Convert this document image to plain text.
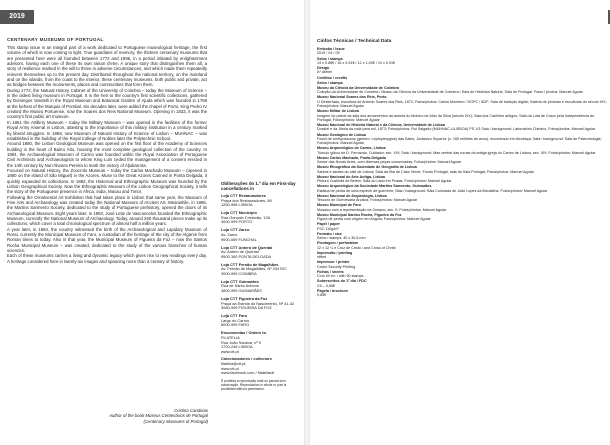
2019
CENTENARY MUSEUMS OF PORTUGAL

This stamp issue is an integral part of a work dedicated to Portuguese museological heritage, the first volume of which is now coming to light. True guardians of memory, the thirteen centenary museums that are presented here were all founded between 1772 and 1896, in a period initiated by enlightenment advisors, having each one of these its own raison d'etre. A unique story that distinguishes them all, a story of resilience marked in the will to thrive in adverse circumstances, and which made them repeatedly reinvent themselves up to the present day. Distributed throughout the national territory, on the mainland and on the islands, from the coast to the interior, these centenary museums, both public and private, act as bridges between the monuments, places and communities that form them.

During 1772, the Natural History Cabinet of the University of Coimbra – today the Museum of Science – is the oldest living museum in Portugal. It is the heir to the country's first scientific collections, gathered by Domingos Vandelli in the Royal Museum and Botanical Garden of Ajuda which was founded in 1768 at the behest of the Marquis of Pombal. Six decades later, were added the chapel of Porto, King Pedro IV created the Museu Portuense, now the Soares dos Reis National Museum. Opening in 1833, it was the country's first public art museum.

In 1851 the Artillery Museum – today the Military Museum – was opened in the facilities of the former Royal Army Arsenal in Lisbon, attesting to the importance of this military institution in a century marked by liberal struggles. In 1858, new Museum of Natural History of Science of Lisbon – MUHNAC – was established in the building of the Royal College of Nobles later the Polytechnic School.

Around 1880, the Lisbon Geological Museum was opened on the first floor of the Academy of Sciences building in the heart of Bairro Alto, housing the most complete geological collection of the country. In 1884, the Archaeological Museum of Carmo was founded within the Royal Association of Portuguese Civil Architects and Archaeologists to whom King Luís ceded the management of a convent erected in the 14th century by Nun'Álvares Pereira to mark the victory of Aljubarrota.

Focused on Natural History, the Zoocrolo Museum – today the Carlos Machado Museum – (opened in 1880 on the island of São Miguel) in the Azores. Muse to the Great Azores Canned in Ponta Delgada, it quickly expanded its collections. In 1882, the Historical and Ethnographic Museum was founded by the Lisbon Geographical Society. Now the Ethnographic Museum of the Lisbon Geographical Society, it tells the story of the Portuguese presence in Africa, India, Macau and Timor.

Following the Ornamental Art Exhibition that had taken place in Lisbon that same year, the Museum of Fine Arts and Archaeology was created today the National Museum of Ancient Art. Meanwhile, in 1885, the Martins Sarmento Society, dedicated to the study of Portuguese prehistory, opened the doors of its Archaeological Museum. Eight years later, in 1893, José Leite de Vasconcelos founded the Ethnographic Museum, currently the National Museum of Archaeology. Today, around 260 thousand pieces make up its collections, which cover a total chronological spectrum of almost half a million years.

A year later, in 1894, the country witnessed the birth of the Archaeological and Lapidary Museum of Rossi, currently the Municipal Museum of Faro, a custodian of the heritage of the city of the Algarve from Roman times to today. Also in that year, the Municipal Museum of Figueira da Foz – now the Santos Rocha Municipal Museum – was created, dedicated to the study of the various branches of human sciences.

Each of these museums carries a living and dynamic legacy which gives rise to new readings every day. A heritage considered here in twenty-six images and spanning more than a century of history.

Cristina Candeias
Author of the book Museus Centenários de Portugal
(Centenary Museums of Portugal)
Obliterações do 1.º dia em First-day cancellations in
Loja CTT Restauradores
Praça dos Restauradores, 58
1250-998 LISBOA
Loja CTT Municipio
Rua Gonçalo Cristóvão, 136
4000-999 PORTO
Loja CTT Zarco
Av. Zarco
9000-069 FUNCHAL
Loja CTT Antero de Quental
Av. Antero de Quental
9500-160 PONTA DELGADA
Loja CTT Fernão de Magalhães
Av. Fernão de Magalhães, Nº 204 R/C
3000-999 COIMBRA
Loja CTT Guimarães
Rua de Santo António
4800-999 GUIMARÃES
Loja CTT Figueira da Foz
Praça da Estrela do Nascimento, Nº 41-42
3080-999 FIGUEIRA DA FOZ
Loja CTT Faro
Largo do Carmo
8000-999 FARO
Encomendas / Orders to
FILATELIA
Rua João Saraiva, nº 9
1700-249 LISBOA
www.ctt.pt
Colecionadores / collectors
filatelia@ctt.pt
www.ctt.pt
www.facebook.com / filateliactt
É proibida a reprodução total ou parcial sem autorização. Reproduction in whole or part is prohibited without permission.
Cinfos Técnicas / Technical Data
Emissão / Issue
2019 / 04 / 05
Selos / stamps
14 x 0.86€ / 16 x 0.91€ / 12 x 1,00€ / 10 x 0,91€
Design
A* Atelier
Créditos / credits
Selos / stamps
Museu da Ciência da Universidade de Coimbra
Coleção da Universidade de Coimbra / Museu da Ciência da Universidade de Coimbra / Sala de Histórica Natural, Sala de Portugal, Fotos / photos: Manuel Aguiar
Museu Nacional Soares dos Reis, Porto
O Desterrado, escultura de António Soares dos Reis, 1872; Fotos/photos: Carlos Monteiro / DGPC / ADF: Sala de tradição digital; Galeria de pinturas e esculturas do século XIX; Fotos/photos: Manuel Aguiar
Museu Militar de Lisboa
Imagem do painel da sala dos armamentos da autoria do Moinho de Aldo da Silva (século XIX); Sala dos Canhões antigos, Sala da Luta de Cravo pela Independência de Portugal; Fotos/photos: Manuel Aguiar
Museu Nacional de História Natural e da Ciência, Universidade de Lisboa
Dossiel e da Jiboia da roda para mil, 1873; Fotos/photos: Rui Salgado (MUHNAC-ULISBOA) PS 1/3 Sala / background: Laboratório Chimico, Fotos/photos: Manuel Aguiar
Museu Geológico de Lisboa
Fóssil de Ichthyosaurus (género: Leptopterygius) das Sales, Jurássico Superior (c. 160 milhões de anos), encontrado em Alcobaça; Sala / background: Sala de Paleontologia; Fotos/photos: Manuel Aguiar
Museu Arqueológico do Carmo, Lisboa
Túmulo gótico de D. Fernando, Cuidador, séc. XIV; Sala / background: Mas central das ruínas da antiga igreja do Carmo de Lisboa, séc. XIV; Fotos/photos: Manuel Aguiar
Museu Carlos Machado, Ponta Delgada
Sector das Novas Artes, com diversas peças conservadas; Fotos/photos: Manuel Aguiar
Museu Etnográfico da Sociedade de Geografia de Lisboa
Santos e santas do vale de Lisboa; Sala da Ilha de Cabo Verde, Fundo Portugal, sala da Sala Portugal; Fotos/photos: Manuel Aguiar
Museu Nacional de Arte Antiga, Lisboa
Pintura Custódia de Belém; Sala do Lado em Pratas, Fotos/photos: Manuel Aguiar
Museu Arqueológico da Sociedade Martins Sarmento, Guimarães
Estátua de pedra de uma espécie de guerreiro; Sala / background: Sala Colunada de João Lopes da Bicolatina, Fotos/photos: Manuel Aguiar
Museu Nacional de Arqueologia, Lisboa
Tesouro de Ourivesaria Arcaica; Fotos/photos: Manuel Aguiar
Museu Municipal de Faro
Mosaico com a representação de Oceano, sec. II; Fotos/photos: Manuel Aguiar
Museu Municipal Santos Rocha, Figueira da Foz
Figura de pedra com origem em Angola; Fotos/photos: Manuel Aguiar
Papel / paper
FSC 110g/m²
Formato / size
Selos / stamps: 40 x 30,6 mm
Picotagem / perforation
12 x 12 ¼ e Cruz de Cristo / and Cross of Christ
Impressão / printing
offset
Impressor / printer
Cartor Security Printing
Folhas / sheets
Com 50 ex. / with 50 stamps
Sobrescritos do 1º dia / FDC
C6 – 0,56€
Pagela / brochure
0,85€
